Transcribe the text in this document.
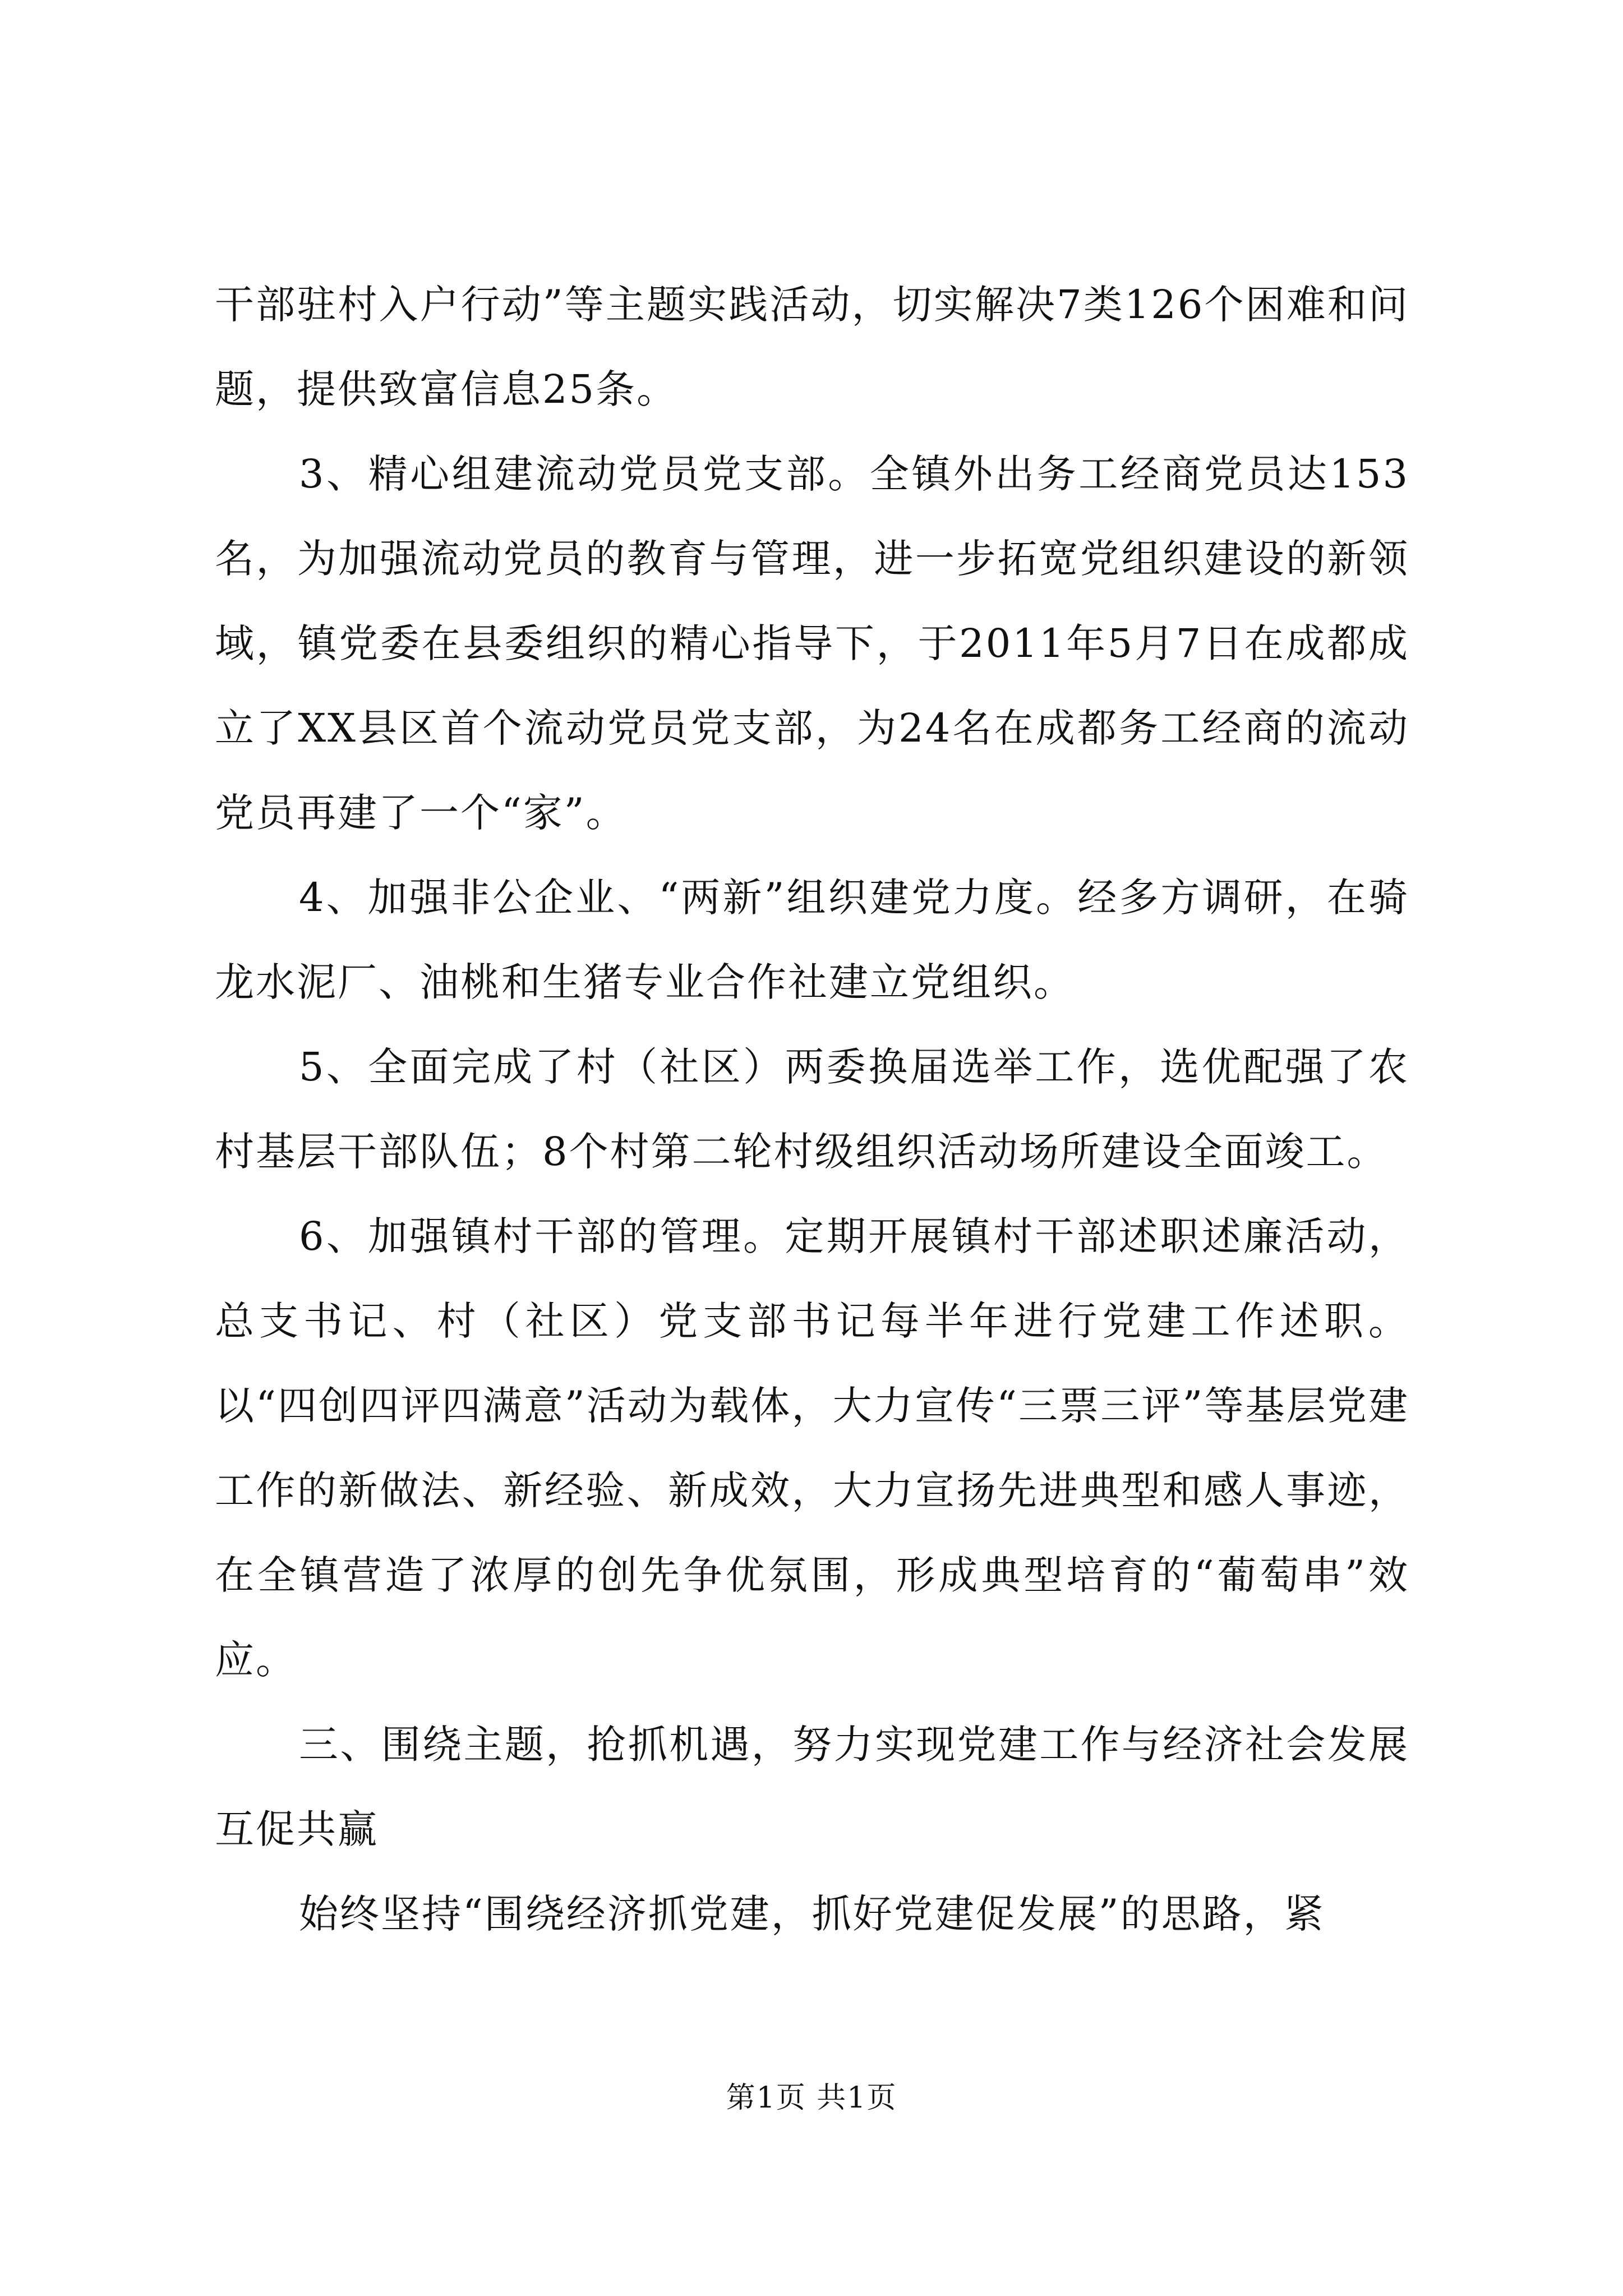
干部驻村入户行动”等主题实践活动，切实解决7类126个困难和问题，提供致富信息25条。

3、精心组建流动党员党支部。全镇外出务工经商党员达153名，为加强流动党员的教育与管理，进一步拓宽党组织建设的新领域，镇党委在县委组织的精心指导下，于2011年5月7日在成都成立了XX县区首个流动党员党支部，为24名在成都务工经商的流动党员再建了一个“家”。

4、加强非公企业、“两新”组织建党力度。经多方调研，在骑龙水泥厂、油桃和生猪专业合作社建立党组织。

5、全面完成了村（社区）两委换届选举工作，选优配强了农村基层干部队伍；8个村第二轮村级组织活动场所建设全面竣工。

6、加强镇村干部的管理。定期开展镇村干部述职述廉活动，总支书记、村（社区）党支部书记每半年进行党建工作述职。以“四创四评四满意”活动为载体，大力宣传“三票三评”等基层党建工作的新做法、新经验、新成效，大力宣扬先进典型和感人事迹，在全镇营造了浓厚的创先争优氛围，形成典型培育的“葡萄串”效应。

三、围绕主题，抢抓机遇，努力实现党建工作与经济社会发展互促共赢

始终坚持“围绕经济抓党建，抓好党建促发展”的思路，紧

第1页 共1页
